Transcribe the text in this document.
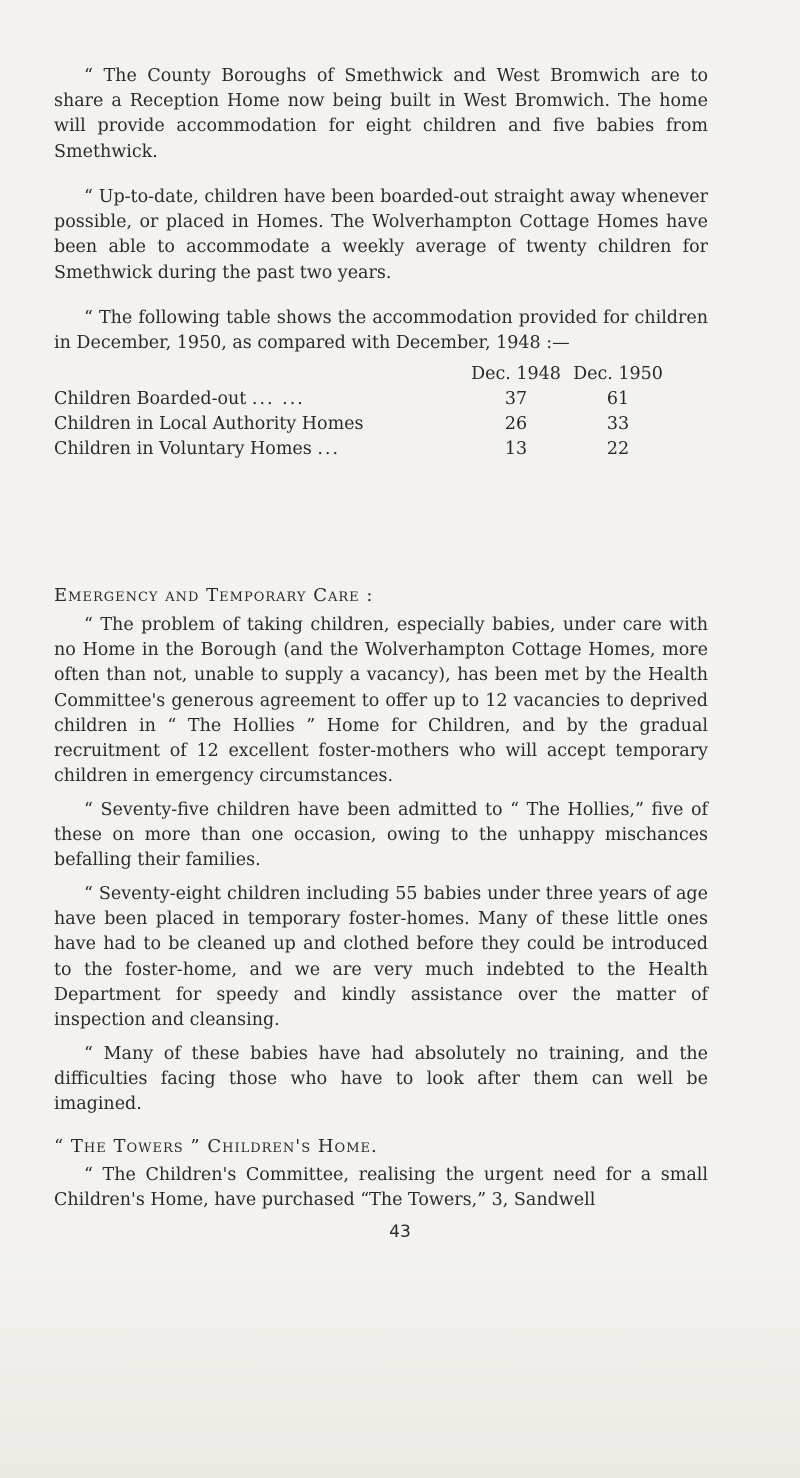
“ The County Boroughs of Smethwick and West Bromwich are to share a Reception Home now being built in West Bromwich. The home will provide accommodation for eight children and five babies from Smethwick.

“ Up-to-date, children have been boarded-out straight away whenever possible, or placed in Homes. The Wolverhampton Cottage Homes have been able to accommodate a weekly average of twenty children for Smethwick during the past two years.

“ The following table shows the accommodation provided for children in December, 1950, as compared with December, 1948 :—

	Dec. 1948	Dec. 1950
Children Boarded-out ... ...	37	61
Children in Local Authority Homes	26	33
Children in Voluntary Homes ...	13	22
Emergency and Temporary Care :

“ The problem of taking children, especially babies, under care with no Home in the Borough (and the Wolverhampton Cottage Homes, more often than not, unable to supply a vacancy), has been met by the Health Committee's generous agreement to offer up to 12 vacancies to deprived children in “ The Hollies ” Home for Children, and by the gradual recruitment of 12 excellent foster-mothers who will accept temporary children in emergency circumstances.

“ Seventy-five children have been admitted to “ The Hollies,” five of these on more than one occasion, owing to the unhappy mischances befalling their families.

“ Seventy-eight children including 55 babies under three years of age have been placed in temporary foster-homes. Many of these little ones have had to be cleaned up and clothed before they could be introduced to the foster-home, and we are very much indebted to the Health Department for speedy and kindly assistance over the matter of inspection and cleansing.

“ Many of these babies have had absolutely no training, and the difficulties facing those who have to look after them can well be imagined.

“ The Towers ” Children's Home.

“ The Children's Committee, realising the urgent need for a small Children's Home, have purchased “The Towers,” 3, Sandwell

43
